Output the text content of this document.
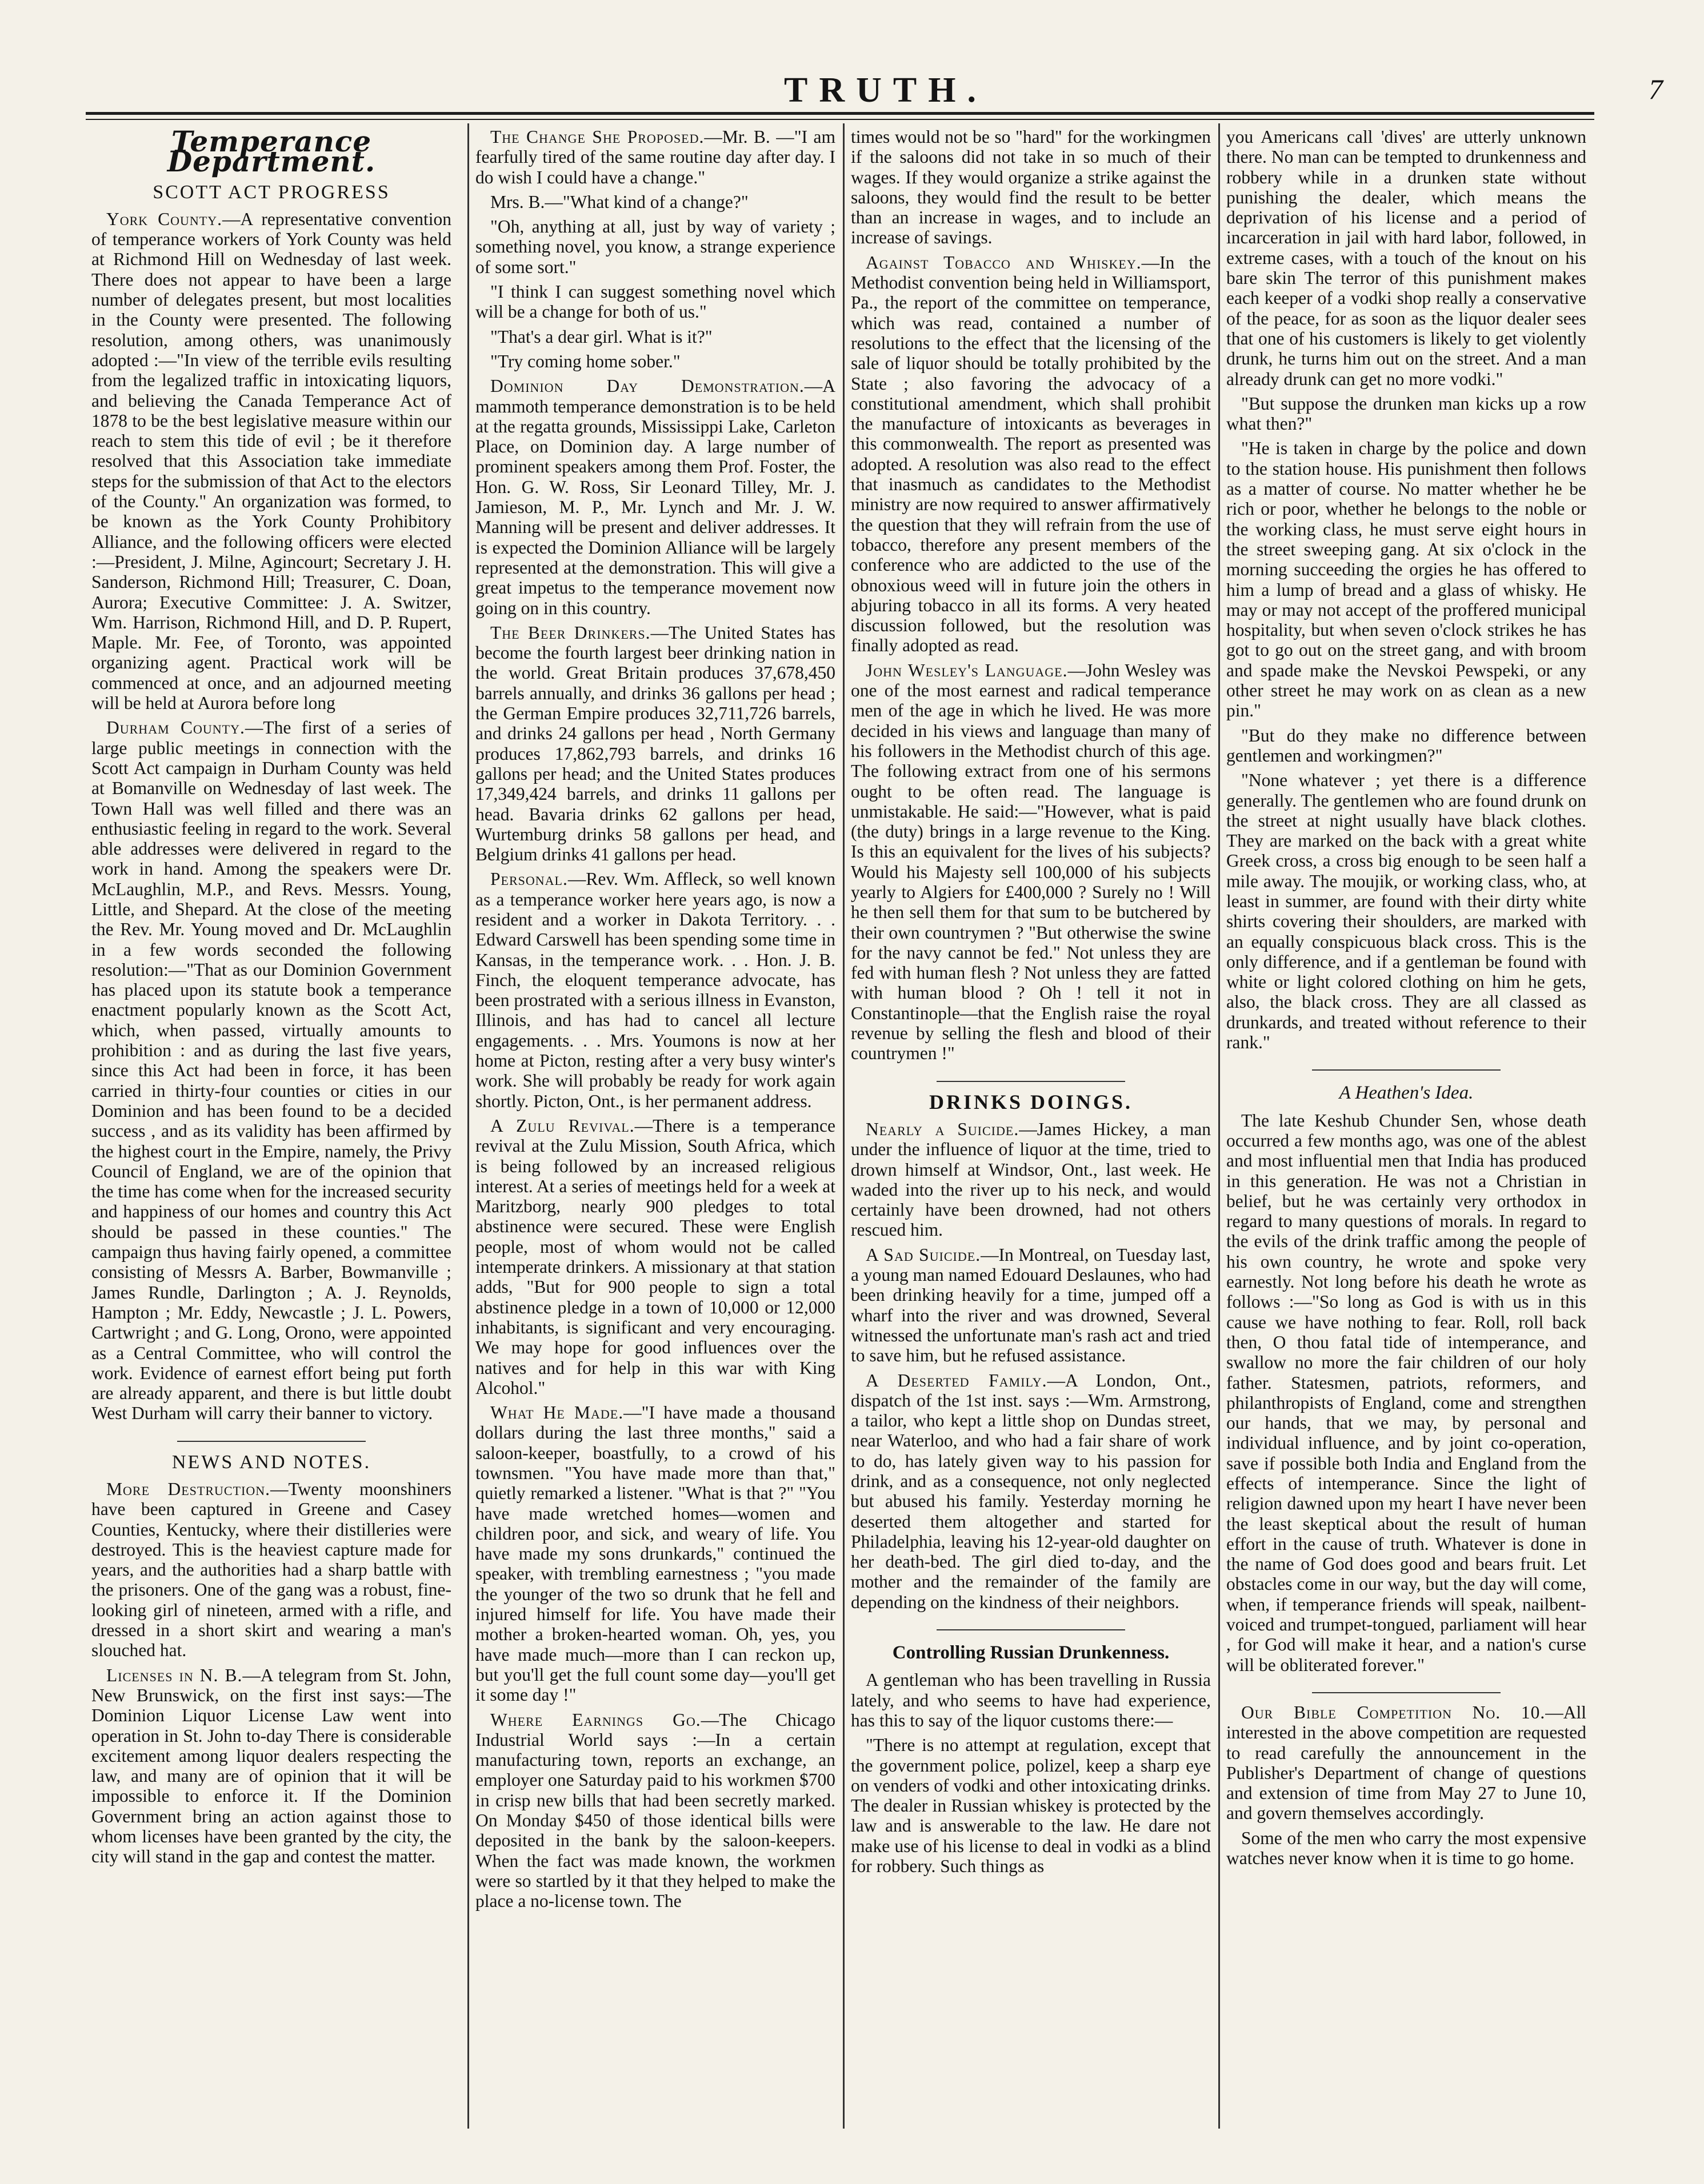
TRUTH.	7
Temperance Department.
SCOTT ACT PROGRESS

York County.—A representative convention of temperance workers of York County was held at Richmond Hill on Wednesday of last week. There does not appear to have been a large number of delegates present, but most localities in the County were presented. The following resolution, among others, was unanimously adopted :—"In view of the terrible evils resulting from the legalized traffic in intoxicating liquors, and believing the Canada Temperance Act of 1878 to be the best legislative measure within our reach to stem this tide of evil ; be it therefore resolved that this Association take immediate steps for the submission of that Act to the electors of the County." An organization was formed, to be known as the York County Prohibitory Alliance, and the following officers were elected :—President, J. Milne, Agincourt; Secretary J. H. Sanderson, Richmond Hill; Treasurer, C. Doan, Aurora; Executive Committee: J. A. Switzer, Wm. Harrison, Richmond Hill, and D. P. Rupert, Maple. Mr. Fee, of Toronto, was appointed organizing agent. Practical work will be commenced at once, and an adjourned meeting will be held at Aurora before long

Durham County.—The first of a series of large public meetings in connection with the Scott Act campaign in Durham County was held at Bomanville on Wednesday of last week. The Town Hall was well filled and there was an enthusiastic feeling in regard to the work. Several able addresses were delivered in regard to the work in hand. Among the speakers were Dr. McLaughlin, M.P., and Revs. Messrs. Young, Little, and Shepard. At the close of the meeting the Rev. Mr. Young moved and Dr. McLaughlin in a few words seconded the following resolution:—"That as our Dominion Government has placed upon its statute book a temperance enactment popularly known as the Scott Act, which, when passed, virtually amounts to prohibition : and as during the last five years, since this Act had been in force, it has been carried in thirty-four counties or cities in our Dominion and has been found to be a decided success , and as its validity has been affirmed by the highest court in the Empire, namely, the Privy Council of England, we are of the opinion that the time has come when for the increased security and happiness of our homes and country this Act should be passed in these counties." The campaign thus having fairly opened, a committee consisting of Messrs A. Barber, Bowmanville ; James Rundle, Darlington ; A. J. Reynolds, Hampton ; Mr. Eddy, Newcastle ; J. L. Powers, Cartwright ; and G. Long, Orono, were appointed as a Central Committee, who will control the work. Evidence of earnest effort being put forth are already apparent, and there is but little doubt West Durham will carry their banner to victory.

NEWS AND NOTES.

More Destruction.—Twenty moonshiners have been captured in Greene and Casey Counties, Kentucky, where their distilleries were destroyed. This is the heaviest capture made for years, and the authorities had a sharp battle with the prisoners. One of the gang was a robust, fine-looking girl of nineteen, armed with a rifle, and dressed in a short skirt and wearing a man's slouched hat.

Licenses in N. B.—A telegram from St. John, New Brunswick, on the first inst says:—The Dominion Liquor License Law went into operation in St. John to-day There is considerable excitement among liquor dealers respecting the law, and many are of opinion that it will be impossible to enforce it. If the Dominion Government bring an action against those to whom licenses have been granted by the city, the city will stand in the gap and contest the matter.

The Change She Proposed.—Mr. B. —"I am fearfully tired of the same routine day after day. I do wish I could have a change."

Mrs. B.—"What kind of a change?"

"Oh, anything at all, just by way of variety ; something novel, you know, a strange experience of some sort."

"I think I can suggest something novel which will be a change for both of us."

"That's a dear girl. What is it?"

"Try coming home sober."

Dominion Day Demonstration.—A mammoth temperance demonstration is to be held at the regatta grounds, Mississippi Lake, Carleton Place, on Dominion day. A large number of prominent speakers among them Prof. Foster, the Hon. G. W. Ross, Sir Leonard Tilley, Mr. J. Jamieson, M. P., Mr. Lynch and Mr. J. W. Manning will be present and deliver addresses. It is expected the Dominion Alliance will be largely represented at the demonstration. This will give a great impetus to the temperance movement now going on in this country.

The Beer Drinkers.—The United States has become the fourth largest beer drinking nation in the world. Great Britain produces 37,678,450 barrels annually, and drinks 36 gallons per head ; the German Empire produces 32,711,726 barrels, and drinks 24 gallons per head , North Germany produces 17,862,793 barrels, and drinks 16 gallons per head; and the United States produces 17,349,424 barrels, and drinks 11 gallons per head. Bavaria drinks 62 gallons per head, Wurtemburg drinks 58 gallons per head, and Belgium drinks 41 gallons per head.

Personal.—Rev. Wm. Affleck, so well known as a temperance worker here years ago, is now a resident and a worker in Dakota Territory. . . Edward Carswell has been spending some time in Kansas, in the temperance work. . . Hon. J. B. Finch, the eloquent temperance advocate, has been prostrated with a serious illness in Evanston, Illinois, and has had to cancel all lecture engagements. . . Mrs. Youmons is now at her home at Picton, resting after a very busy winter's work. She will probably be ready for work again shortly. Picton, Ont., is her permanent address.

A Zulu Revival.—There is a temperance revival at the Zulu Mission, South Africa, which is being followed by an increased religious interest. At a series of meetings held for a week at Maritzborg, nearly 900 pledges to total abstinence were secured. These were English people, most of whom would not be called intemperate drinkers. A missionary at that station adds, "But for 900 people to sign a total abstinence pledge in a town of 10,000 or 12,000 inhabitants, is significant and very encouraging. We may hope for good influences over the natives and for help in this war with King Alcohol."

What He Made.—"I have made a thousand dollars during the last three months," said a saloon-keeper, boastfully, to a crowd of his townsmen. "You have made more than that," quietly remarked a listener. "What is that ?" "You have made wretched homes—women and children poor, and sick, and weary of life. You have made my sons drunkards," continued the speaker, with trembling earnestness ; "you made the younger of the two so drunk that he fell and injured himself for life. You have made their mother a broken-hearted woman. Oh, yes, you have made much—more than I can reckon up, but you'll get the full count some day—you'll get it some day !"

Where Earnings Go.—The Chicago Industrial World says :—In a certain manufacturing town, reports an exchange, an employer one Saturday paid to his workmen $700 in crisp new bills that had been secretly marked. On Monday $450 of those identical bills were deposited in the bank by the saloon-keepers. When the fact was made known, the workmen were so startled by it that they helped to make the place a no-license town. The

times would not be so "hard" for the workingmen if the saloons did not take in so much of their wages. If they would organize a strike against the saloons, they would find the result to be better than an increase in wages, and to include an increase of savings.

Against Tobacco and Whiskey.—In the Methodist convention being held in Williamsport, Pa., the report of the committee on temperance, which was read, contained a number of resolutions to the effect that the licensing of the sale of liquor should be totally prohibited by the State ; also favoring the advocacy of a constitutional amendment, which shall prohibit the manufacture of intoxicants as beverages in this commonwealth. The report as presented was adopted. A resolution was also read to the effect that inasmuch as candidates to the Methodist ministry are now required to answer affirmatively the question that they will refrain from the use of tobacco, therefore any present members of the conference who are addicted to the use of the obnoxious weed will in future join the others in abjuring tobacco in all its forms. A very heated discussion followed, but the resolution was finally adopted as read.

John Wesley's Language.—John Wesley was one of the most earnest and radical temperance men of the age in which he lived. He was more decided in his views and language than many of his followers in the Methodist church of this age. The following extract from one of his sermons ought to be often read. The language is unmistakable. He said:—"However, what is paid (the duty) brings in a large revenue to the King. Is this an equivalent for the lives of his subjects? Would his Majesty sell 100,000 of his subjects yearly to Algiers for £400,000 ? Surely no ! Will he then sell them for that sum to be butchered by their own countrymen ? "But otherwise the swine for the navy cannot be fed." Not unless they are fed with human flesh ? Not unless they are fatted with human blood ? Oh ! tell it not in Constantinople—that the English raise the royal revenue by selling the flesh and blood of their countrymen !"

DRINKS DOINGS.

Nearly a Suicide.—James Hickey, a man under the influence of liquor at the time, tried to drown himself at Windsor, Ont., last week. He waded into the river up to his neck, and would certainly have been drowned, had not others rescued him.

A Sad Suicide.—In Montreal, on Tuesday last, a young man named Edouard Deslaunes, who had been drinking heavily for a time, jumped off a wharf into the river and was drowned, Several witnessed the unfortunate man's rash act and tried to save him, but he refused assistance.

A Deserted Family.—A London, Ont., dispatch of the 1st inst. says :—Wm. Armstrong, a tailor, who kept a little shop on Dundas street, near Waterloo, and who had a fair share of work to do, has lately given way to his passion for drink, and as a consequence, not only neglected but abused his family. Yesterday morning he deserted them altogether and started for Philadelphia, leaving his 12-year-old daughter on her death-bed. The girl died to-day, and the mother and the remainder of the family are depending on the kindness of their neighbors.

Controlling Russian Drunkenness.

A gentleman who has been travelling in Russia lately, and who seems to have had experience, has this to say of the liquor customs there:—

"There is no attempt at regulation, except that the government police, polizel, keep a sharp eye on venders of vodki and other intoxicating drinks. The dealer in Russian whiskey is protected by the law and is answerable to the law. He dare not make use of his license to deal in vodki as a blind for robbery. Such things as

you Americans call 'dives' are utterly unknown there. No man can be tempted to drunkenness and robbery while in a drunken state without punishing the dealer, which means the deprivation of his license and a period of incarceration in jail with hard labor, followed, in extreme cases, with a touch of the knout on his bare skin The terror of this punishment makes each keeper of a vodki shop really a conservative of the peace, for as soon as the liquor dealer sees that one of his customers is likely to get violently drunk, he turns him out on the street. And a man already drunk can get no more vodki."

"But suppose the drunken man kicks up a row what then?"

"He is taken in charge by the police and down to the station house. His punishment then follows as a matter of course. No matter whether he be rich or poor, whether he belongs to the noble or the working class, he must serve eight hours in the street sweeping gang. At six o'clock in the morning succeeding the orgies he has offered to him a lump of bread and a glass of whisky. He may or may not accept of the proffered municipal hospitality, but when seven o'clock strikes he has got to go out on the street gang, and with broom and spade make the Nevskoi Pewspeki, or any other street he may work on as clean as a new pin."

"But do they make no difference between gentlemen and workingmen?"

"None whatever ; yet there is a difference generally. The gentlemen who are found drunk on the street at night usually have black clothes. They are marked on the back with a great white Greek cross, a cross big enough to be seen half a mile away. The moujik, or working class, who, at least in summer, are found with their dirty white shirts covering their shoulders, are marked with an equally conspicuous black cross. This is the only difference, and if a gentleman be found with white or light colored clothing on him he gets, also, the black cross. They are all classed as drunkards, and treated without reference to their rank."

A Heathen's Idea.

The late Keshub Chunder Sen, whose death occurred a few months ago, was one of the ablest and most influential men that India has produced in this generation. He was not a Christian in belief, but he was certainly very orthodox in regard to many questions of morals. In regard to the evils of the drink traffic among the people of his own country, he wrote and spoke very earnestly. Not long before his death he wrote as follows :—"So long as God is with us in this cause we have nothing to fear. Roll, roll back then, O thou fatal tide of intemperance, and swallow no more the fair children of our holy father. Statesmen, patriots, reformers, and philanthropists of England, come and strengthen our hands, that we may, by personal and individual influence, and by joint co-operation, save if possible both India and England from the effects of intemperance. Since the light of religion dawned upon my heart I have never been the least skeptical about the result of human effort in the cause of truth. Whatever is done in the name of God does good and bears fruit. Let obstacles come in our way, but the day will come, when, if temperance friends will speak, nailbent-voiced and trumpet-tongued, parliament will hear , for God will make it hear, and a nation's curse will be obliterated forever."

Our Bible Competition No. 10.—All interested in the above competition are requested to read carefully the announcement in the Publisher's Department of change of questions and extension of time from May 27 to June 10, and govern themselves accordingly.

Some of the men who carry the most expensive watches never know when it is time to go home.
